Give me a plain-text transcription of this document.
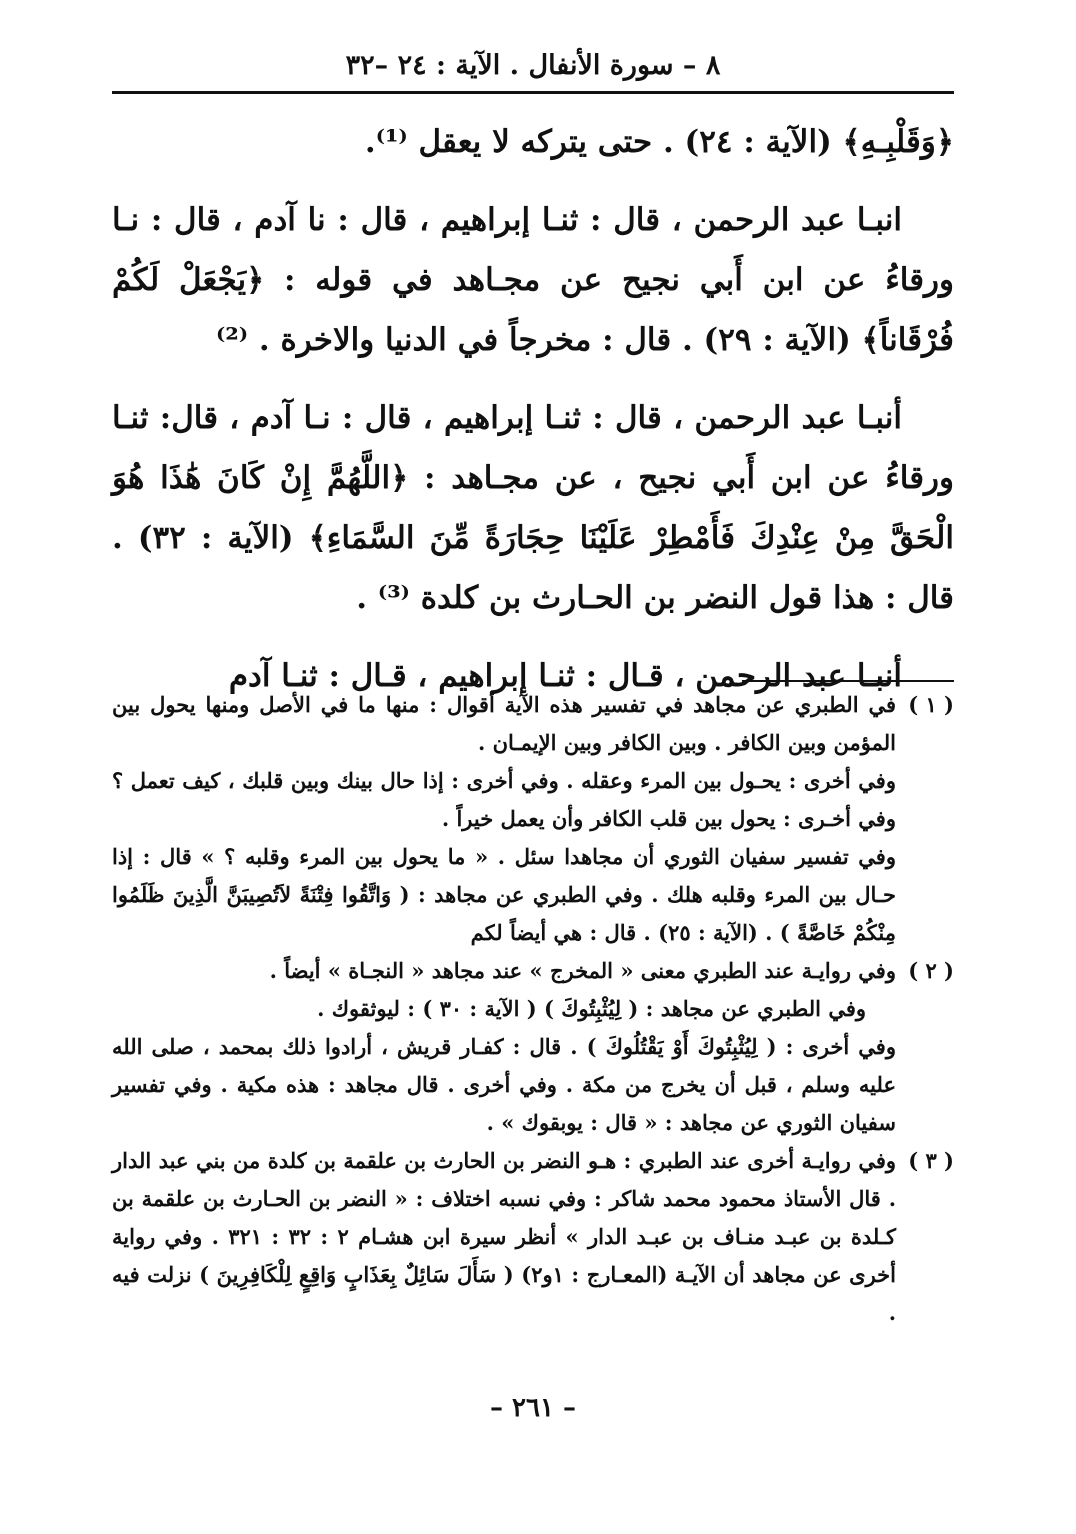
٨ – سورة الأنفال . الآية : ٢٤ –٣٢

﴿وَقَلْبِـهِ﴾ (الآية : ٢٤) . حتى يتركه لا يعقل ⁽¹⁾.

انبـا عبد الرحمن ، قال : ثنـا إبراهيم ، قال : نا آدم ، قال : نـا ورقاءُ عن ابن أَبي نجيح عن مجـاهد في قوله : ﴿يَجْعَلْ لَكُمْ فُرْقَاناً﴾ (الآية : ٢٩) . قال : مخرجاً في الدنيا والاخرة . ⁽²⁾

أنبـا عبد الرحمن ، قال : ثنـا إبراهيم ، قال : نـا آدم ، قال: ثنـا ورقاءُ عن ابن أَبي نجيح ، عن مجـاهد : ﴿اللَّهُمَّ إِنْ كَانَ هَٰذَا هُوَ الْحَقَّ مِنْ عِنْدِكَ فَأَمْطِرْ عَلَيْنَا حِجَارَةً مِّنَ السَّمَاءِ﴾ (الآية : ٣٢) . قال : هذا قول النضر بن الحـارث بن كلدة ⁽³⁾ .

أنبـا عبد الرحمن ، قـال : ثنـا إبراهيم ، قـال : ثنـا آدم

( ١ )

في الطبري عن مجاهد في تفسير هذه الآية أقوال : منها ما في الأصل ومنها يحول بين المؤمن وبين الكافر . وبين الكافر وبين الإيمـان .

وفي أخرى : يحـول بين المرء وعقله . وفي أخرى : إذا حال بينك وبين قلبك ، كيف تعمل ؟ وفي أخـرى : يحول بين قلب الكافر وأن يعمل خيراً .

وفي تفسير سفيان الثوري أن مجاهدا سئل . « ما يحول بين المرء وقلبه ؟ » قال : إذا حـال بين المرء وقلبه هلك . وفي الطبري عن مجاهد : ( وَاتَّقُوا فِتْنَةً لاَتُصِيبَنَّ الَّذِينَ ظَلَمُوا مِنْكُمْ خَاصَّةً ) . (الآية : ٢٥) . قال : هي أيضاً لكم

( ٢ )

وفي روايـة عند الطبري معنى « المخرج » عند مجاهد « النجـاة » أيضاً .

وفي الطبري عن مجاهد : ( لِيُثْبِتُوكَ ) ( الآية : ٣٠ ) : ليوثقوك .

وفي أخرى : ( لِيُثْبِتُوكَ أَوْ يَقْتُلُوكَ ) . قال : كفـار قريش ، أرادوا ذلك بمحمد ، صلى الله عليه وسلم ، قبل أن يخرج من مكة . وفي أخرى . قال مجاهد : هذه مكية . وفي تفسير سفيان الثوري عن مجاهد : « قال : يوبقوك » .

( ٣ )

وفي روايـة أخرى عند الطبري : هـو النضر بن الحارث بن علقمة بن كلدة من بني عبد الدار . قال الأستاذ محمود محمد شاكر : وفي نسبه اختلاف : « النضر بن الحـارث بن علقمة بن كـلدة بن عبـد منـاف بن عبـد الدار » أنظر سيرة ابن هشـام ٢ : ٣٢ : ٣٢١ . وفي رواية أخرى عن مجاهد أن الآيـة (المعـارج : ١و٢) ( سَأَلَ سَائِلٌ بِعَذَابٍ وَاقِعٍ لِلْكَافِرِينَ ) نزلت فيه .

– ٢٦١ –
